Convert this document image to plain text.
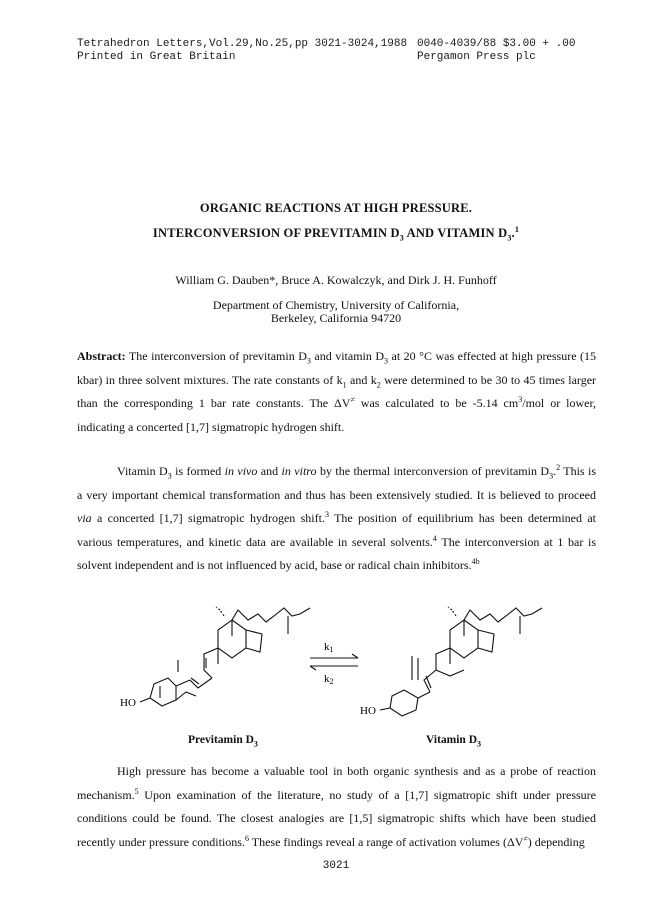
Tetrahedron Letters,Vol.29,No.25,pp 3021-3024,1988
Printed in Great Britain
0040-4039/88 $3.00 + .00
Pergamon Press plc
ORGANIC REACTIONS AT HIGH PRESSURE.
INTERCONVERSION OF PREVITAMIN $D_3$ AND VITAMIN $D_3.^1$
William G. Dauben*, Bruce A. Kowalczyk, and Dirk J. H. Funhoff
Department of Chemistry, University of California,
Berkeley, California 94720
Abstract: The interconversion of previtamin $D_3$ and vitamin $D_3$ at 20 °C was effected at high pressure (15 kbar) in three solvent mixtures. The rate constants of $k_1$ and $k_2$ were determined to be 30 to 45 times larger than the corresponding 1 bar rate constants. The ΔV≠ was calculated to be -5.14 $cm^3$/mol or lower, indicating a concerted [1,7] sigmatropic hydrogen shift.
Vitamin $D_3$ is formed in vivo and in vitro by the thermal interconversion of previtamin $D_3.^2$ This is a very important chemical transformation and thus has been extensively studied. It is believed to proceed via a concerted [1,7] sigmatropic hydrogen shift.$^3$ The position of equilibrium has been determined at various temperatures, and kinetic data are available in several solvents.$^4$ The interconversion at 1 bar is solvent independent and is not influenced by acid, base or radical chain inhibitors.$^{4b}$
k1
k2
HO
HO
Previtamin $D_3$	Vitamin $D_3$
High pressure has become a valuable tool in both organic synthesis and as a probe of reaction mechanism.$^5$ Upon examination of the literature, no study of a [1,7] sigmatropic shift under pressure conditions could be found. The closest analogies are [1,5] sigmatropic shifts which have been studied recently under pressure conditions.$^6$ These findings reveal a range of activation volumes (ΔV≠) depending
3021
